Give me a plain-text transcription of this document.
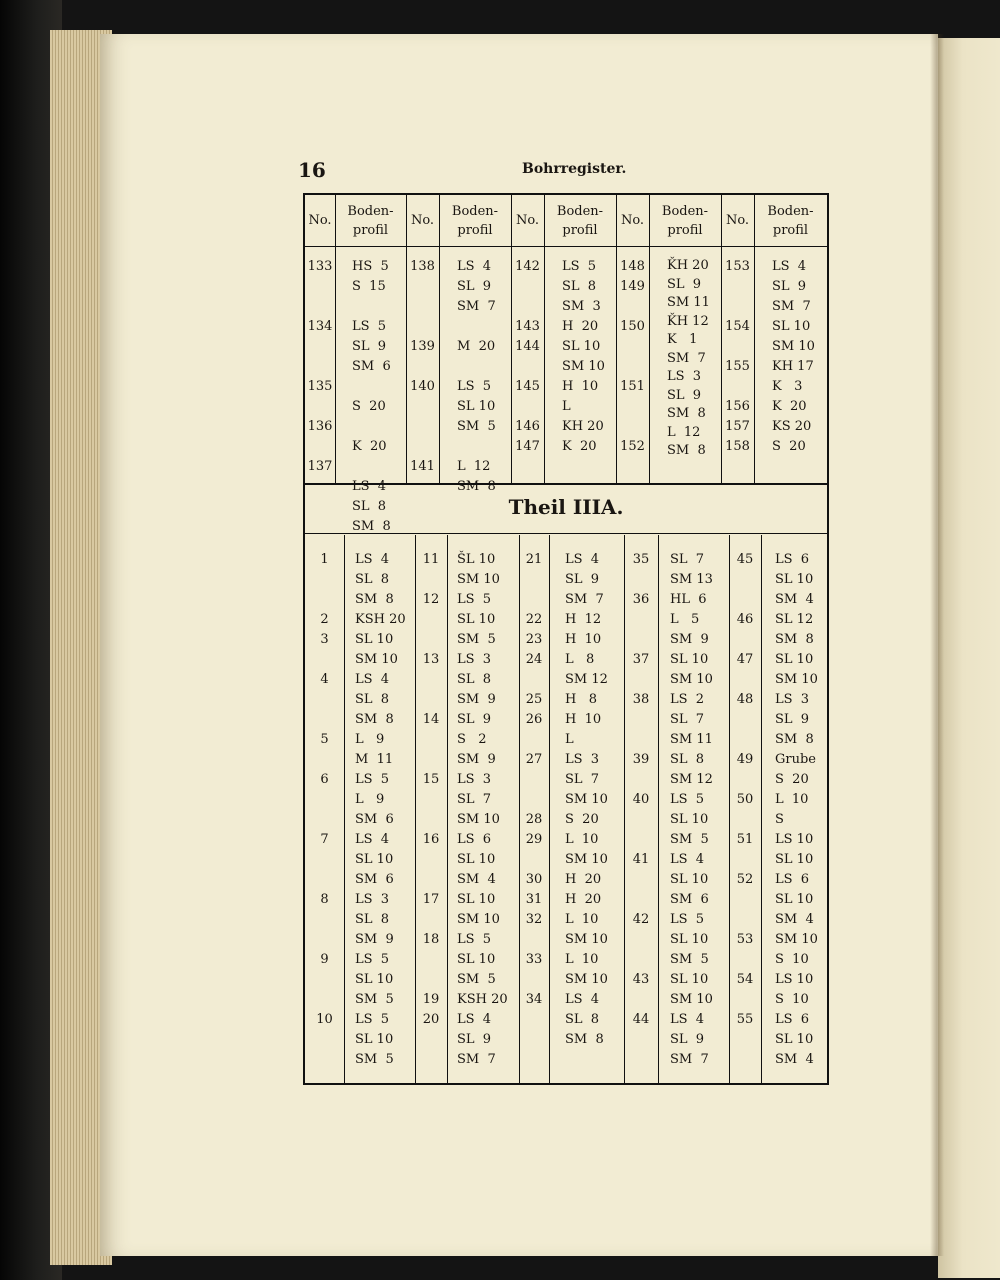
16	Bohrregister.
No.
Boden-
profil
No.
Boden-
profil
No.
Boden-
profil
No.
Boden-
profil
No.
Boden-
profil
133

134

135

136

137
HS  5
S  15

LS  5
SL  9
SM  6

S  20

K  20

LS  4
SL  8
SM  8
138

139

140

141
LS  4
SL  9
SM  7

M  20

LS  5
SL 10
SM  5

L  12
SM  8
142

143
144

145

146
147
LS  5
SL  8
SM  3
H  20
SL 10
SM 10
H  10
L
KH 20
K  20
148
149

150

151

152
ǨH 20
SL  9
SM 11
ǨH 12
K   1
SM  7
LS  3
SL  9
SM  8
L  12
SM  8
153

154

155

156
157
158
LS  4
SL  9
SM  7
SL 10
SM 10
KH 17
K   3
K  20
KS 20
S  20
Theil IIIA.
1

2
3

4

5

6

7

8

9

10
LS  4
SL  8
SM  8
KSH 20
SL 10
SM 10
LS  4
SL  8
SM  8
L   9
M  11
LS  5
L   9
SM  6
LS  4
SL 10
SM  6
LS  3
SL  8
SM  9
LS  5
SL 10
SM  5
LS  5
SL 10
SM  5
11

12

13

14

15

16

17

18

19
20
ŠL 10
SM 10
LS  5
SL 10
SM  5
LS  3
SL  8
SM  9
SL  9
S   2
SM  9
LS  3
SL  7
SM 10
LS  6
SL 10
SM  4
SL 10
SM 10
LS  5
SL 10
SM  5
KSH 20
LS  4
SL  9
SM  7
21

22
23
24

25
26

27

28
29

30
31
32

33

34
LS  4
SL  9
SM  7
H  12
H  10
L   8
SM 12
H   8
H  10
L
LS  3
SL  7
SM 10
S  20
L  10
SM 10
H  20
H  20
L  10
SM 10
L  10
SM 10
LS  4
SL  8
SM  8
35

36

37

38

39

40

41

42

43

44
SL  7
SM 13
HL  6
L   5
SM  9
SL 10
SM 10
LS  2
SL  7
SM 11
SL  8
SM 12
LS  5
SL 10
SM  5
LS  4
SL 10
SM  6
LS  5
SL 10
SM  5
SL 10
SM 10
LS  4
SL  9
SM  7
45

46

47

48

49

50

51

52

53

54

55
LS  6
SL 10
SM  4
SL 12
SM  8
SL 10
SM 10
LS  3
SL  9
SM  8
Grube
S  20
L  10
S
LS 10
SL 10
LS  6
SL 10
SM  4
SM 10
S  10
LS 10
S  10
LS  6
SL 10
SM  4
